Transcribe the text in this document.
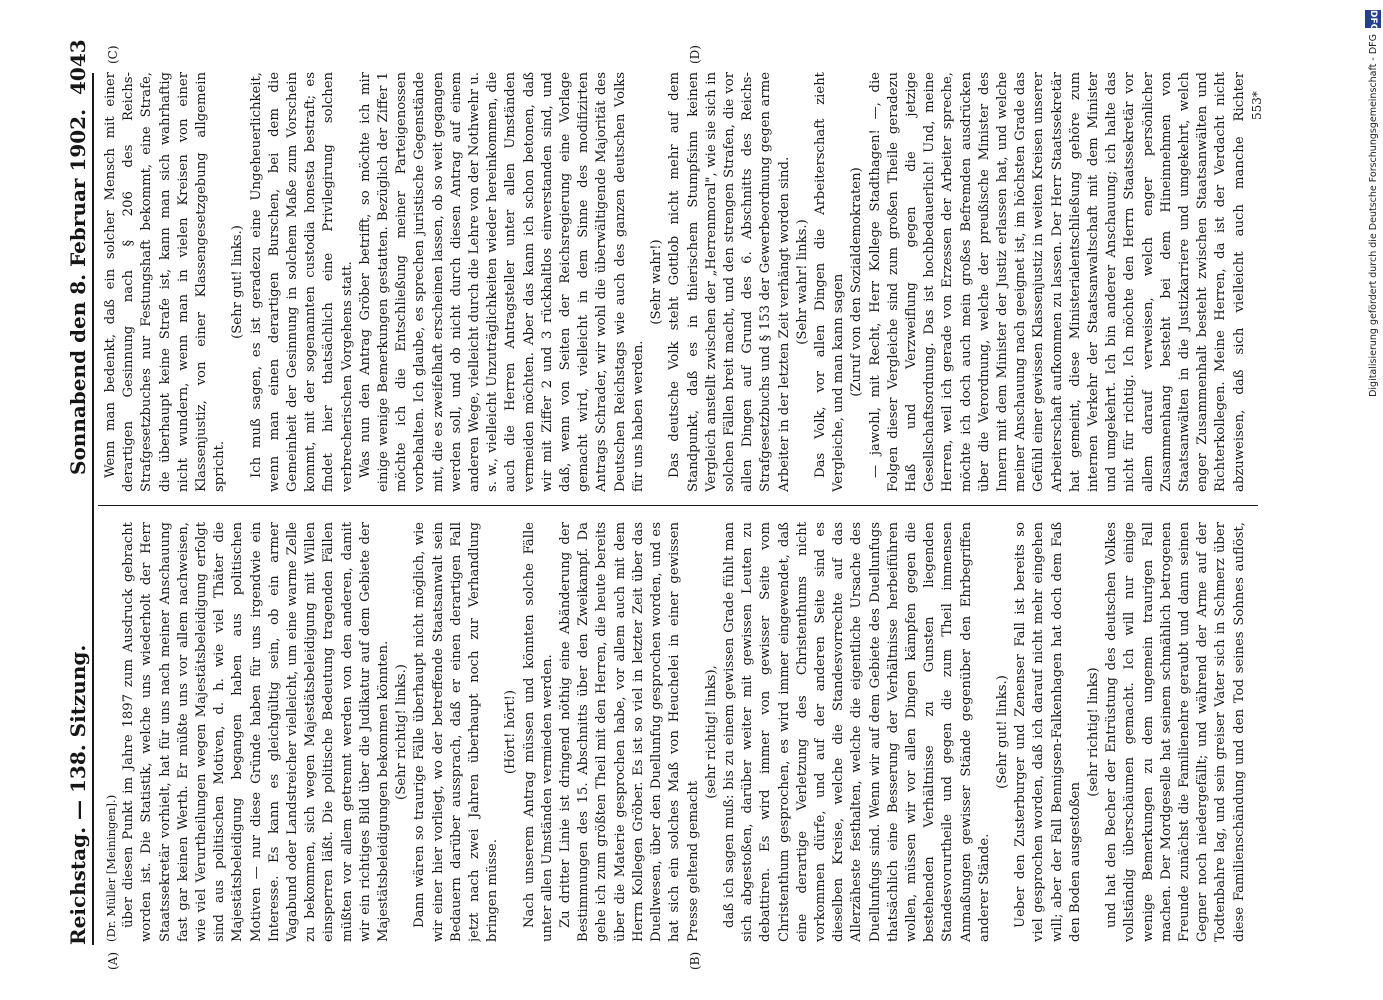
Reichstag. — 138. Sitzung.
Sonnabend den 8. Februar 1902.
4043
(A)	(B)
(C)	(D)

(Dr. Müller [Meiningen].) über diesen Punkt im Jahre 1897 zum Ausdruck gebracht worden ist. Die Statistik, welche uns wiederholt der Herr Staatssekretär vorhielt, hat für uns nach meiner Anschauung fast gar keinen Werth. Er müßte uns vor allem nachweisen, wie viel Verurtheilungen wegen Majestätsbeleidigung erfolgt sind aus politischen Motiven, d. h. wie viel Thäter die Majestätsbeleidigung begangen haben aus politischen Motiven — nur diese Gründe haben für uns irgendwie ein Interesse. Es kann es gleichgültig sein, ob ein armer Vagabund oder Landstreicher vielleicht, um eine warme Zelle zu bekommen, sich wegen Majestätsbeleidigung mit Willen einsperren läßt. Die politische Bedeutung tragenden Fällen müßten vor allem getrennt werden von den anderen, damit wir ein richtiges Bild über die Judikatur auf dem Gebiete der Majestätsbeleidigungen bekommen könnten. (Sehr richtig! links.) Dann wären so traurige Fälle überhaupt nicht möglich, wie wir einer hier vorliegt, wo der betreffende Staatsanwalt sein Bedauern darüber aussprach, daß er einen derartigen Fall jetzt nach zwei Jahren überhaupt noch zur Verhandlung bringen müsse.

(Hört! hört!) Nach unserem Antrag müssen und könnten solche Fälle unter allen Umständen vermieden werden. Zu dritter Linie ist dringend nöthig eine Abänderung der Bestimmungen des 15. Abschnitts über den Zweikampf. Da gehe ich zum größten Theil mit den Herren, die heute bereits über die Materie gesprochen habe, vor allem auch mit dem Herrn Kollegen Gröber. Es ist so viel in letzter Zeit über das Duellwesen, über den Duellunfug gesprochen worden, und es hat sich ein solches Maß von Heuchelei in einer gewissen Presse geltend gemacht

(sehr richtig! links), daß ich sagen muß: bis zu einem gewissen Grade fühlt man sich abgestoßen, darüber weiter mit gewissen Leuten zu debattiren. Es wird immer von gewisser Seite vom Christenthum gesprochen, es wird immer eingewendet, daß eine derartige Verletzung des Christenthums nicht vorkommen dürfe, und auf der anderen Seite sind es dieselben Kreise, welche die Standesvorrechte auf das Allerzäheste festhalten, welche die eigentliche Ursache des Duellunfugs sind. Wenn wir auf dem Gebiete des Duellunfugs thatsächlich eine Besserung der Verhältnisse herbeiführen wollen, müssen wir vor allen Dingen kämpfen gegen die bestehenden Verhältnisse zu Gunsten liegenden Standesvorurtheile und gegen die zum Theil immensen Anmaßungen gewisser Stände gegenüber den Ehrbegriffen anderer Stände.

(Sehr gut! links.) Ueber den Zusterburger und Zenenser Fall ist bereits so viel gesprochen worden, daß ich darauf nicht mehr eingehen will; aber der Fall Bennigsen-Falkenhagen hat doch dem Faß den Boden ausgestoßen

(sehr richtig! links)

und hat den Becher der Entrüstung des deutschen Volkes vollständig überschäumen gemacht. Ich will nur einige wenige Bemerkungen zu dem ungemein traurigen Fall machen. Der Mordgeselle hat seinem schmählich betrogenen Freunde zunächst die Familienehre geraubt und dann seinen Gegner noch niedergefällt; und während der Arme auf der Todtenbahre lag, und sein greiser Vater sich in Schmerz über diese Familienschändung und den Tod seines Sohnes auflöst,

Wenn man bedenkt, daß ein solcher Mensch mit einer derartigen Gesinnung nach § 206 des Reichs-Strafgesetzbuches nur Festungshaft bekommt, eine Strafe, die überhaupt keine Strafe ist, kann man sich wahrhaftig nicht wundern, wenn man in vielen Kreisen von einer Klassenjustiz, von einer Klassengesetzgebung allgemein spricht.

(Sehr gut! links.) Ich muß sagen, es ist geradezu eine Ungeheuerlichkeit, wenn man einen derartigen Burschen, bei dem die Gemeinheit der Gesinnung in solchem Maße zum Vorschein kommt, mit der sogenannten custodia honesta bestraft; es findet hier thatsächlich eine Privilegirung solchen verbrecherischen Vorgehens statt. Was nun den Antrag Gröber betrifft, so möchte ich mir einige wenige Bemerkungen gestatten. Bezüglich der Ziffer 1 möchte ich die Entschließung meiner Parteigenossen vorbehalten. Ich glaube, es sprechen juristische Gegenstände mit, die es zweifelhaft erscheinen lassen, ob so weit gegangen werden soll, und ob nicht durch diesen Antrag auf einem anderen Wege, vielleicht durch die Lehre von der Nothwehr u. s. w., vielleicht Unzuträglichkeiten wieder hereinkommen, die auch die Herren Antragsteller unter allen Umständen vermeiden möchten. Aber das kann ich schon betonen, daß wir mit Ziffer 2 und 3 rückhaltlos einverstanden sind, und daß, wenn von Seiten der Reichsregierung eine Vorlage gemacht wird, vielleicht in dem Sinne des modifizirten Antrags Schrader, wir wohl die überwältigende Majorität des Deutschen Reichstags wie auch des ganzen deutschen Volks für uns haben werden.

(Sehr wahr!) Das deutsche Volk steht Gottlob nicht mehr auf dem Standpunkt, daß es in thierischem Stumpfsinn keinen Vergleich anstellt zwischen der „Herrenmoral", wie sie sich in solchen Fällen breit macht, und den strengen Strafen, die vor allen Dingen auf Grund des 6. Abschnitts des Reichs-Strafgesetzbuchs und § 153 der Gewerbeordnung gegen arme Arbeiter in der letzten Zeit verhängt worden sind. (Sehr wahr! links.) Das Volk, vor allen Dingen die Arbeiterschaft zieht Vergleiche, und man kann sagen (Zuruf von den Sozialdemokraten)

— jawohl, mit Recht, Herr Kollege Stadthagen! —, die Folgen dieser Vergleiche sind zum großen Theile geradezu Haß und Verzweiflung gegen die jetzige Gesellschaftsordnung. Das ist hochbedauerlich! Und, meine Herren, weil ich gerade von Erzessen der Arbeiter spreche, möchte ich doch auch mein großes Befremden ausdrücken über die Verordnung, welche der preußische Minister des Innern mit dem Minister der Justiz erlassen hat, und welche meiner Anschauung nach geeignet ist, im höchsten Grade das Gefühl einer gewissen Klassenjustiz in weiten Kreisen unserer Arbeiterschaft aufkommen zu lassen. Der Herr Staatssekretär hat gemeint, diese Ministerialentschließung gehöre zum internen Verkehr der Staatsanwaltschaft mit dem Minister und umgekehrt. Ich bin anderer Anschauung; ich halte das nicht für richtig. Ich möchte den Herrn Staatssekretär vor allem darauf verweisen, welch enger persönlicher Zusammenhang besteht bei dem Hineinnehmen von Staatsanwälten in die Justizkarriere und umgekehrt, welch enger Zusammenhalt besteht zwischen Staatsanwälten und Richterkollegen. Meine Herren, da ist der Verdacht nicht abzuweisen, daß sich vielleicht auch manche Richter 553*
DFG
Digitalisierung gefördert durch die Deutsche Forschungsgemeinschaft - DFG
